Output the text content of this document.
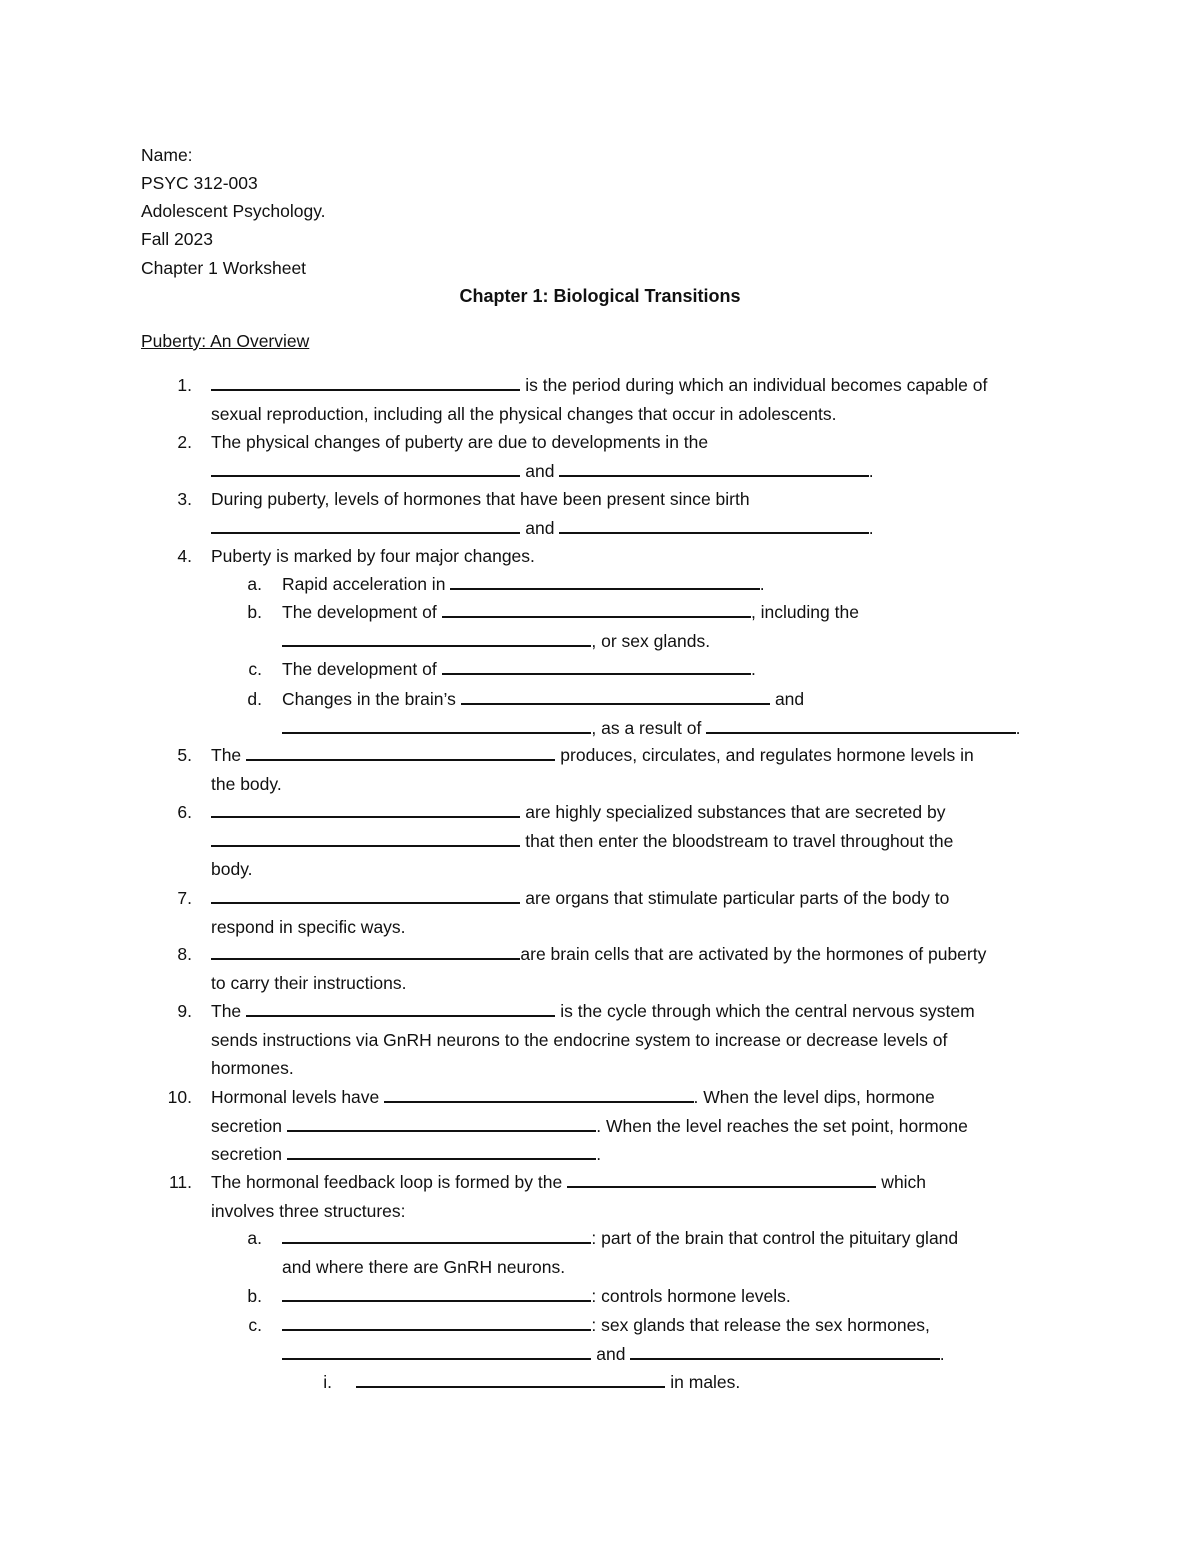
Name:
PSYC 312-003
Adolescent Psychology.
Fall 2023
Chapter 1 Worksheet
Chapter 1: Biological Transitions
Puberty: An Overview
1.	is the period during which an individual becomes capable of
sexual reproduction, including all the physical changes that occur in adolescents.
2. The physical changes of puberty are due to developments in the
and	.
3. During puberty, levels of hormones that have been present since birth
and	.
4. Puberty is marked by four major changes.
a. Rapid acceleration in	.
b. The development of	, including the
, or sex glands.
c. The development of	.
d. Changes in the brain’s	and
, as a result of	.
5. The	produces, circulates, and regulates hormone levels in
the body.
6.	are highly specialized substances that are secreted by
that then enter the bloodstream to travel throughout the
body.
7.	are organs that stimulate particular parts of the body to
respond in specific ways.
8.	are brain cells that are activated by the hormones of puberty
to carry their instructions.
9. The	is the cycle through which the central nervous system
sends instructions via GnRH neurons to the endocrine system to increase or decrease levels of
hormones.
10. Hormonal levels have	. When the level dips, hormone
secretion	. When the level reaches the set point, hormone
secretion	.
11. The hormonal feedback loop is formed by the	which
involves three structures:
a.	: part of the brain that control the pituitary gland
and where there are GnRH neurons.
b.	: controls hormone levels.
c.	: sex glands that release the sex hormones,
and	.
i.	in males.
